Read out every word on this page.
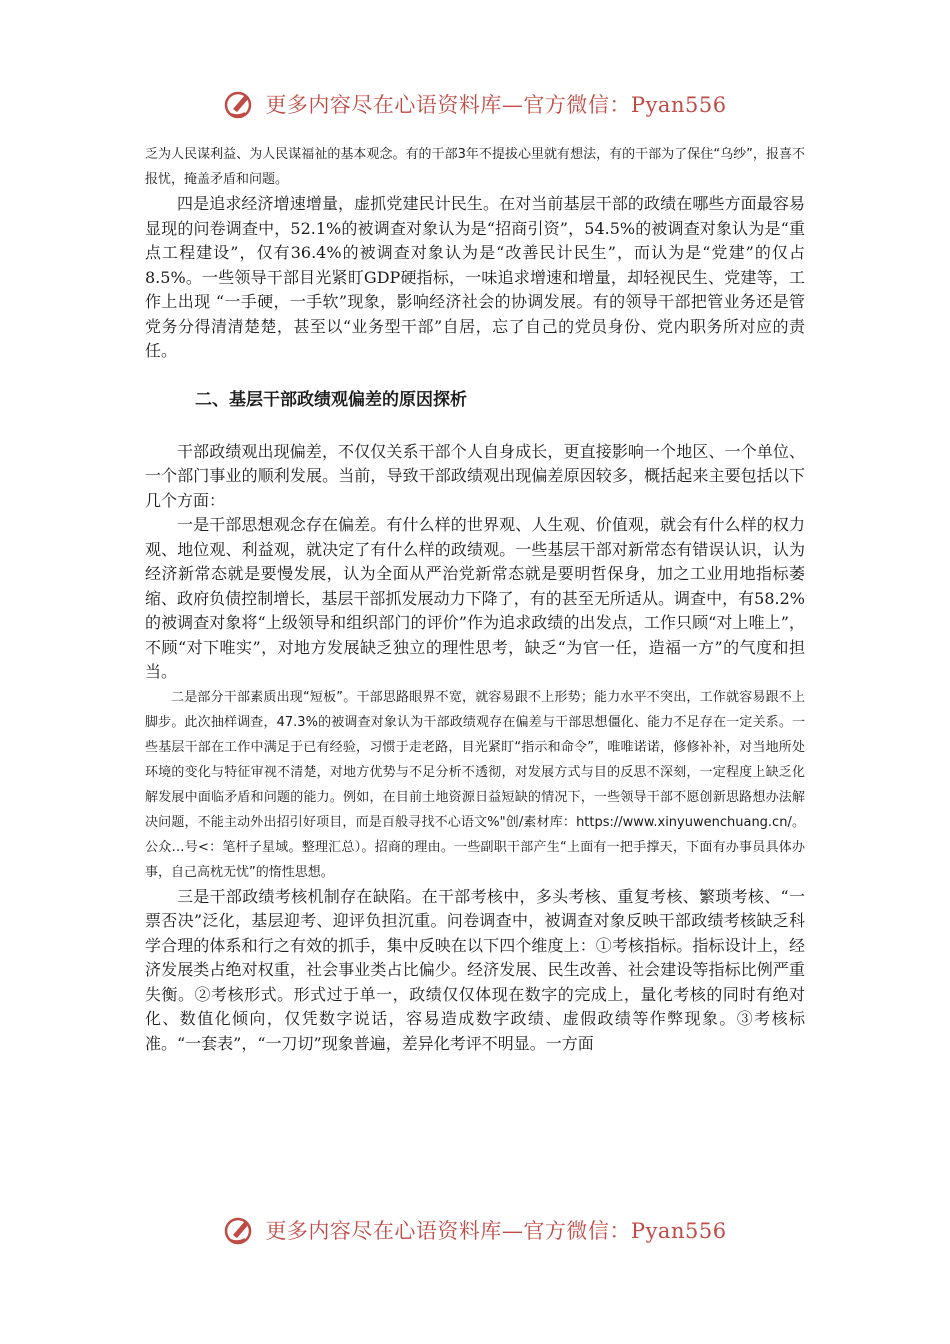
更多内容尽在心语资料库—官方微信：Pyan556

乏为人民谋利益、为人民谋福祉的基本观念。有的干部3年不提拔心里就有想法，有的干部为了保住“乌纱”，报喜不报忧，掩盖矛盾和问题。

四是追求经济增速增量，虚抓党建民计民生。在对当前基层干部的政绩在哪些方面最容易显现的问卷调查中，52.1%的被调查对象认为是“招商引资”，54.5%的被调查对象认为是“重点工程建设”，仅有36.4%的被调查对象认为是“改善民计民生”，而认为是“党建”的仅占8.5%。一些领导干部目光紧盯GDP硬指标，一味追求增速和增量，却轻视民生、党建等，工作上出现 “一手硬，一手软”现象，影响经济社会的协调发展。有的领导干部把管业务还是管党务分得清清楚楚，甚至以“业务型干部”自居，忘了自己的党员身份、党内职务所对应的责任。

二、基层干部政绩观偏差的原因探析

干部政绩观出现偏差，不仅仅关系干部个人自身成长，更直接影响一个地区、一个单位、一个部门事业的顺利发展。当前，导致干部政绩观出现偏差原因较多，概括起来主要包括以下几个方面：

一是干部思想观念存在偏差。有什么样的世界观、人生观、价值观，就会有什么样的权力观、地位观、利益观，就决定了有什么样的政绩观。一些基层干部对新常态有错误认识，认为经济新常态就是要慢发展，认为全面从严治党新常态就是要明哲保身，加之工业用地指标萎缩、政府负债控制增长，基层干部抓发展动力下降了，有的甚至无所适从。调查中，有58.2%的被调查对象将“上级领导和组织部门的评价”作为追求政绩的出发点，工作只顾“对上唯上”，不顾“对下唯实”，对地方发展缺乏独立的理性思考，缺乏“为官一任，造福一方”的气度和担当。

二是部分干部素质出现“短板”。干部思路眼界不宽，就容易跟不上形势；能力水平不突出，工作就容易跟不上脚步。此次抽样调查，47.3%的被调查对象认为干部政绩观存在偏差与干部思想僵化、能力不足存在一定关系。一些基层干部在工作中满足于已有经验，习惯于走老路，目光紧盯“指示和命令”，唯唯诺诺，修修补补，对当地所处环境的变化与特征审视不清楚，对地方优势与不足分析不透彻，对发展方式与目的反思不深刻，一定程度上缺乏化解发展中面临矛盾和问题的能力。例如，在目前土地资源日益短缺的情况下，一些领导干部不愿创新思路想办法解决问题，不能主动外出招引好项目，而是百般寻找不心语文%"创/素材库：https://www.xinyuwenchuang.cn/。公众…号<：笔杆子星域。整理汇总）。招商的理由。一些副职干部产生“上面有一把手撑天，下面有办事员具体办事，自己高枕无忧”的惰性思想。

三是干部政绩考核机制存在缺陷。在干部考核中，多头考核、重复考核、繁琐考核、“一票否决”泛化，基层迎考、迎评负担沉重。问卷调查中，被调查对象反映干部政绩考核缺乏科学合理的体系和行之有效的抓手，集中反映在以下四个维度上：①考核指标。指标设计上，经济发展类占绝对权重，社会事业类占比偏少。经济发展、民生改善、社会建设等指标比例严重失衡。②考核形式。形式过于单一，政绩仅仅体现在数字的完成上，量化考核的同时有绝对化、数值化倾向，仅凭数字说话，容易造成数字政绩、虚假政绩等作弊现象。③考核标准。“一套表”，“一刀切”现象普遍，差异化考评不明显。一方面

更多内容尽在心语资料库—官方微信：Pyan556
